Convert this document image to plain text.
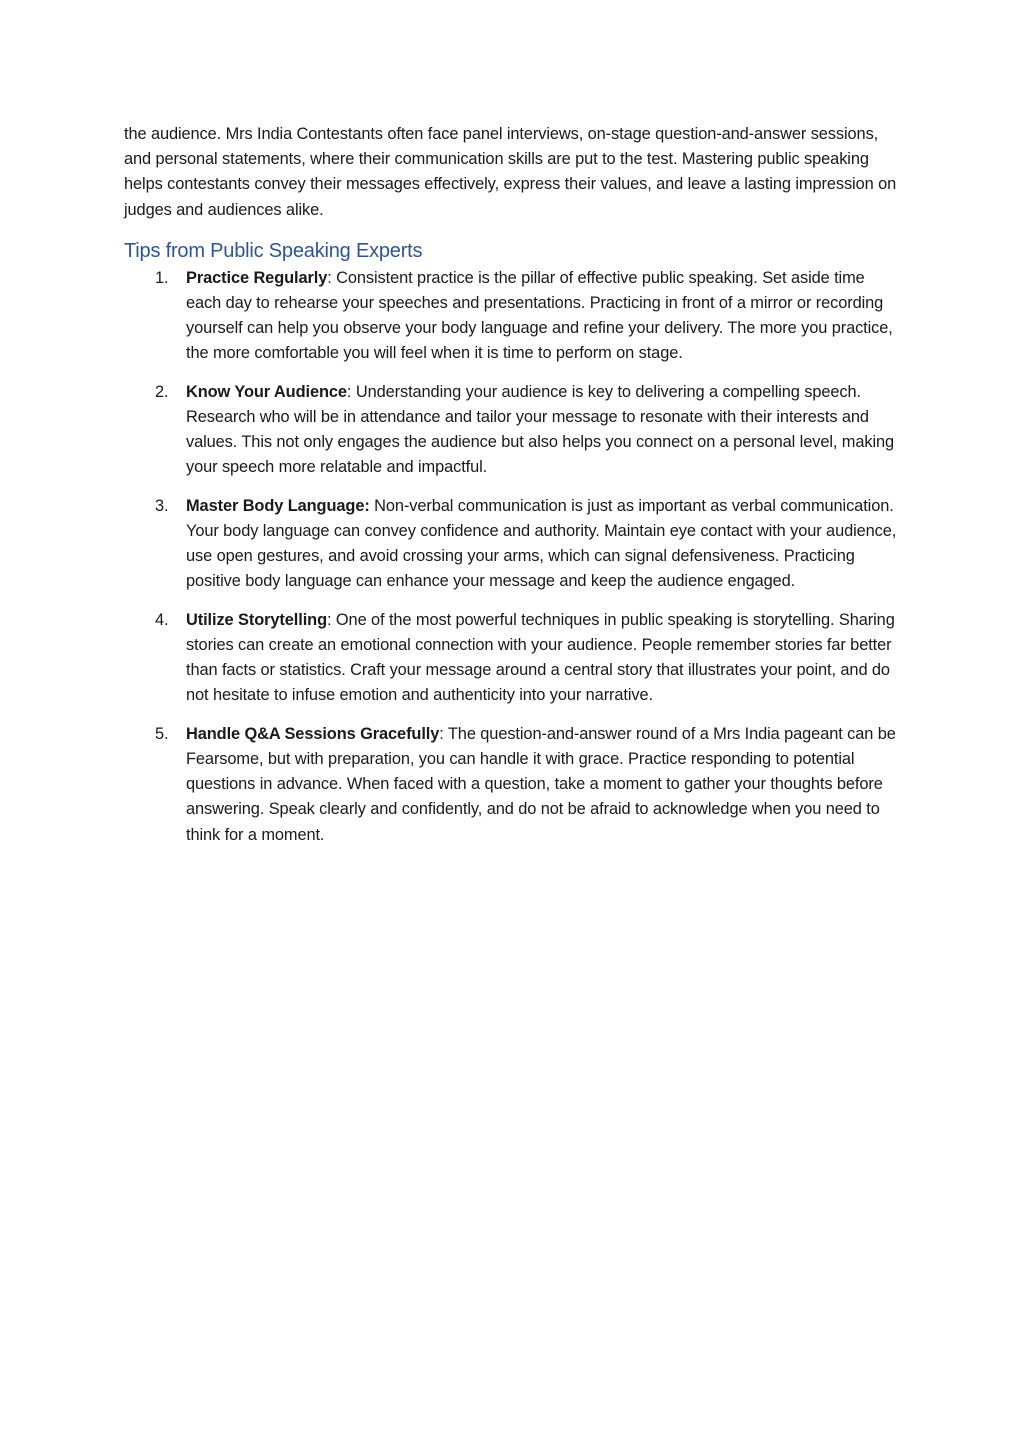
the audience. Mrs India Contestants often face panel interviews, on-stage question-and-answer sessions, and personal statements, where their communication skills are put to the test. Mastering public speaking helps contestants convey their messages effectively, express their values, and leave a lasting impression on judges and audiences alike.

Tips from Public Speaking Experts
1. Practice Regularly: Consistent practice is the pillar of effective public speaking. Set aside time each day to rehearse your speeches and presentations. Practicing in front of a mirror or recording yourself can help you observe your body language and refine your delivery. The more you practice, the more comfortable you will feel when it is time to perform on stage.
2. Know Your Audience: Understanding your audience is key to delivering a compelling speech. Research who will be in attendance and tailor your message to resonate with their interests and values. This not only engages the audience but also helps you connect on a personal level, making your speech more relatable and impactful.
3. Master Body Language: Non-verbal communication is just as important as verbal communication. Your body language can convey confidence and authority. Maintain eye contact with your audience, use open gestures, and avoid crossing your arms, which can signal defensiveness. Practicing positive body language can enhance your message and keep the audience engaged.
4. Utilize Storytelling: One of the most powerful techniques in public speaking is storytelling. Sharing stories can create an emotional connection with your audience. People remember stories far better than facts or statistics. Craft your message around a central story that illustrates your point, and do not hesitate to infuse emotion and authenticity into your narrative.
5. Handle Q&A Sessions Gracefully: The question-and-answer round of a Mrs India pageant can be Fearsome, but with preparation, you can handle it with grace. Practice responding to potential questions in advance. When faced with a question, take a moment to gather your thoughts before answering. Speak clearly and confidently, and do not be afraid to acknowledge when you need to think for a moment.
